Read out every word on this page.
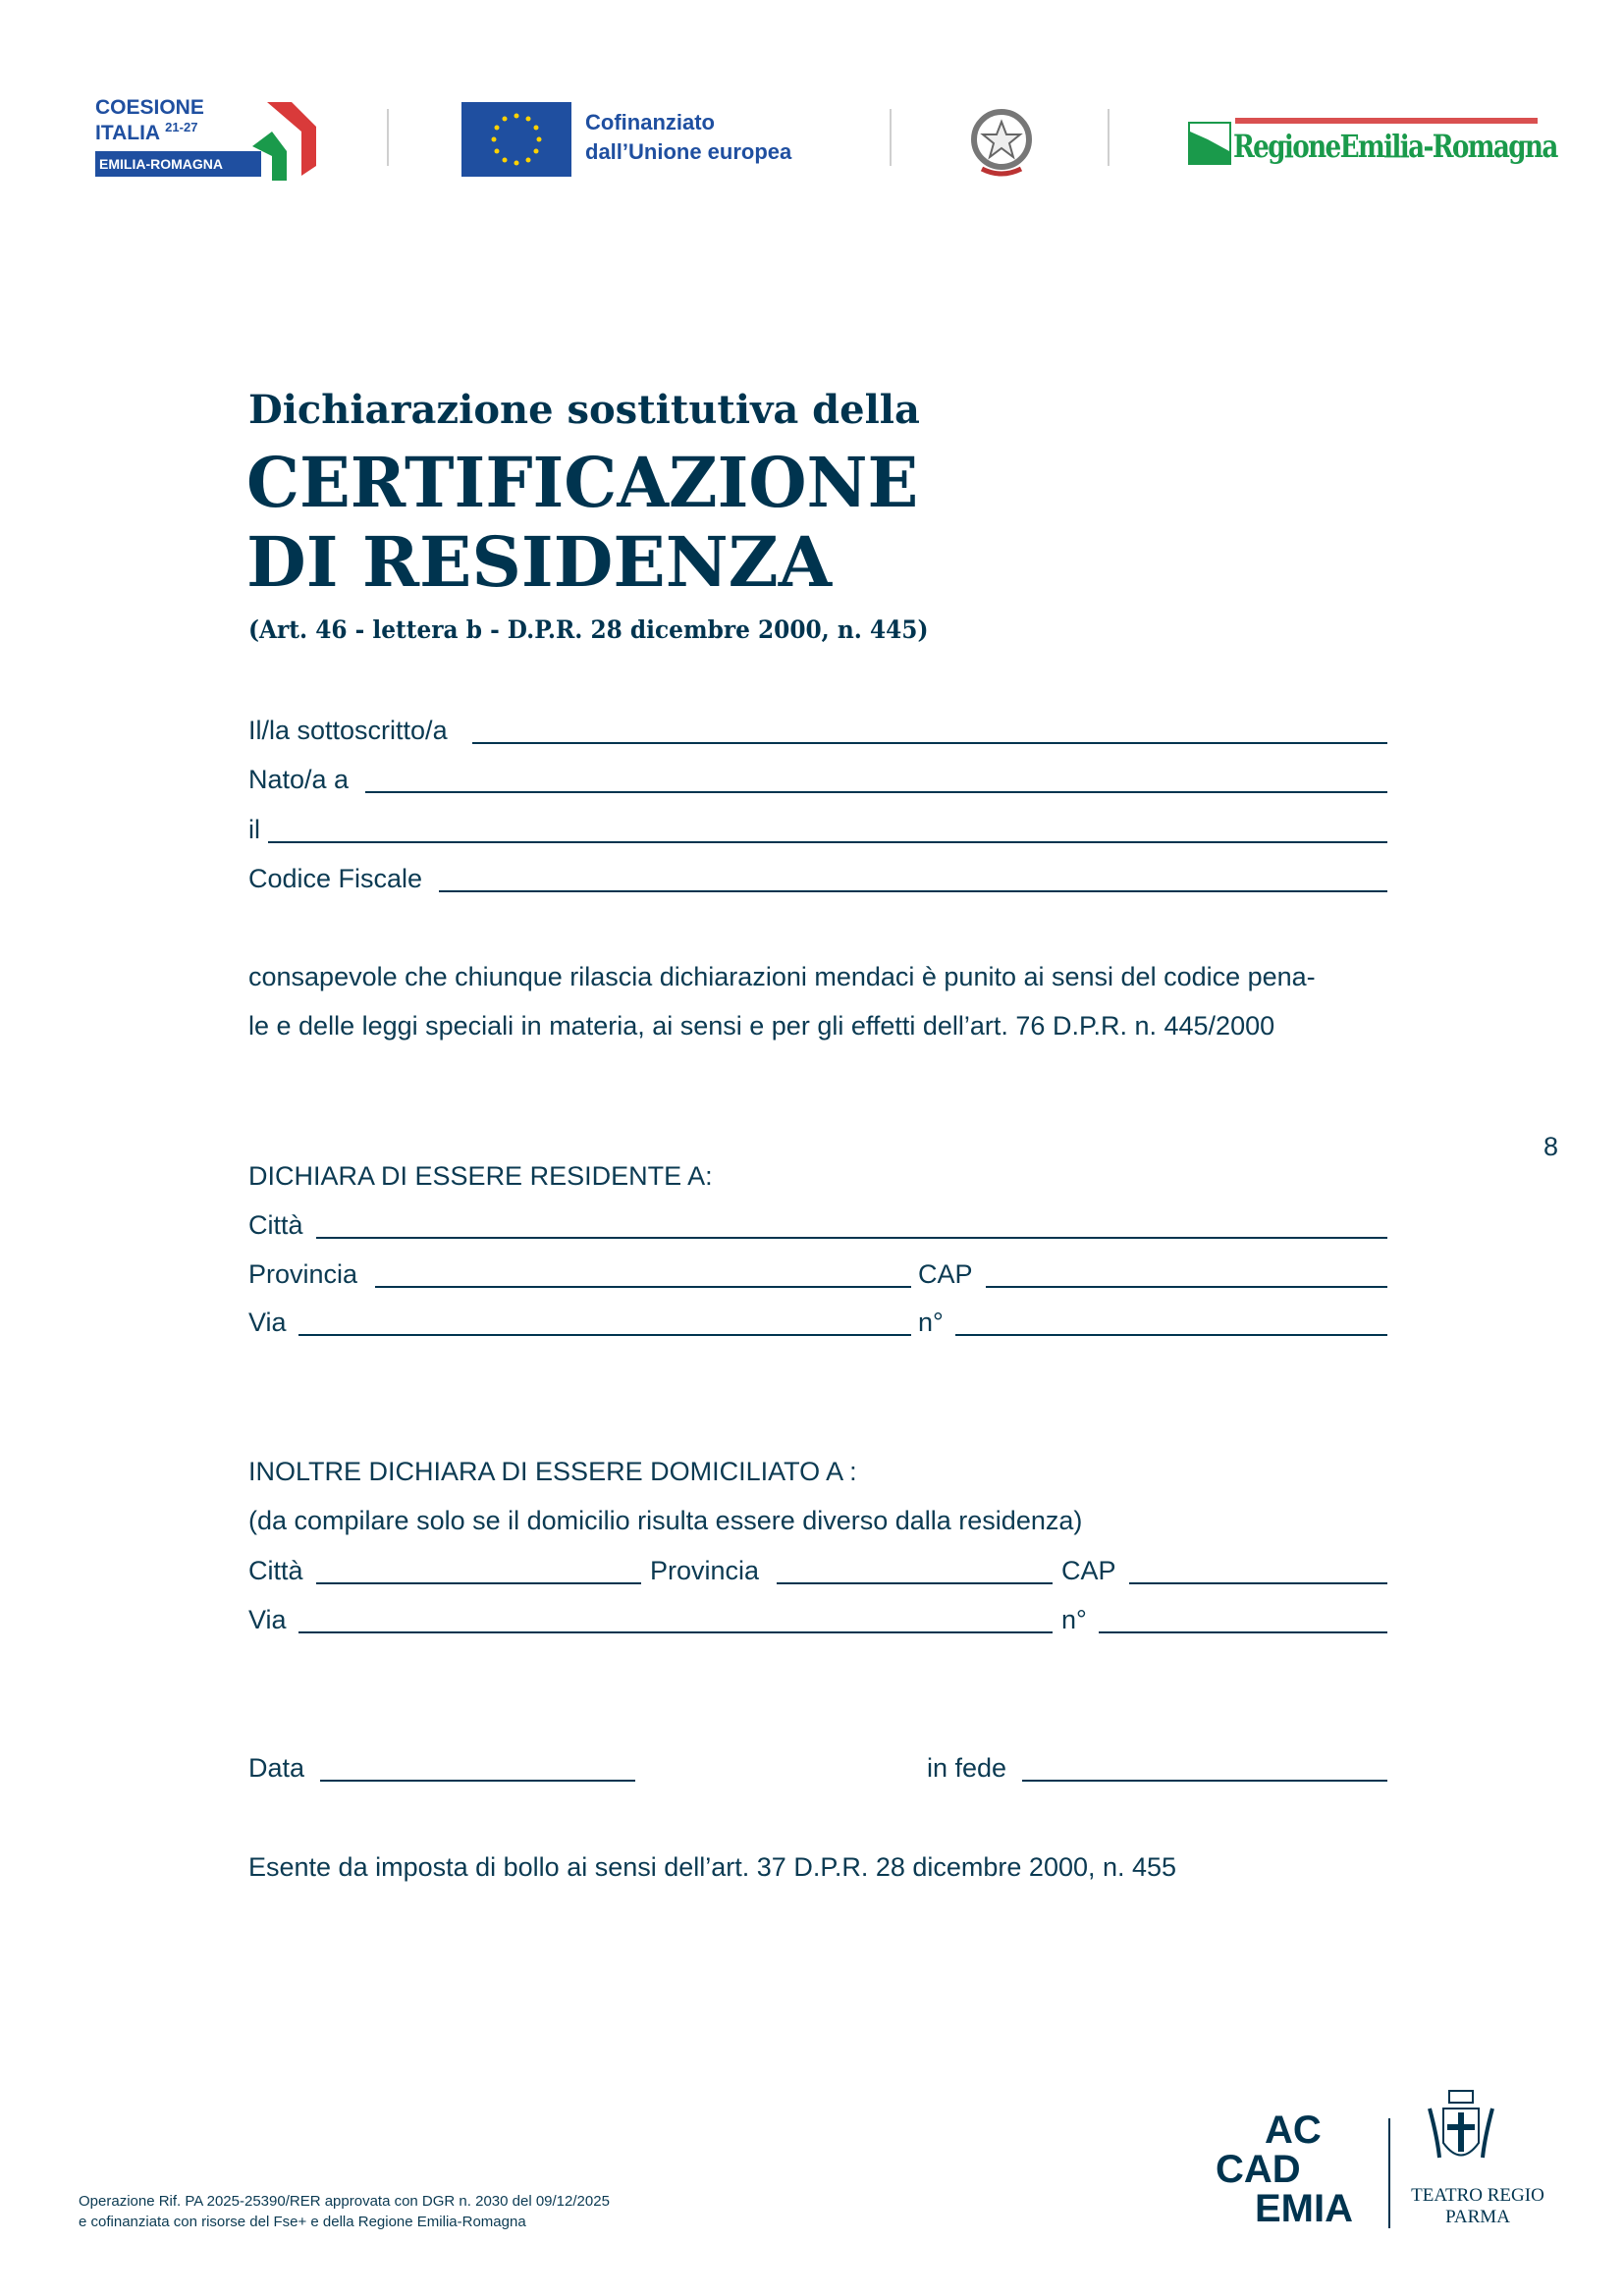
COESIONE
ITALIA $^{21-27}$
EMILIA-ROMAGNA
Cofinanziato
dall’Unione europea	RegioneEmilia-Romagna
Dichiarazione sostitutiva della
CERTIFICAZIONE
DI RESIDENZA
(Art. 46 - lettera b - D.P.R. 28 dicembre 2000, n. 445)
Il/la sottoscritto/a
Nato/a a
il
Codice Fiscale
consapevole che chiunque rilascia dichiarazioni mendaci è punito ai sensi del codice pena-
le e delle leggi speciali in materia, ai sensi e per gli effetti dell’art. 76 D.P.R. n. 445/2000
8
DICHIARA DI ESSERE RESIDENTE A:
Città
Provincia	CAP
Via	n°
INOLTRE DICHIARA DI ESSERE DOMICILIATO A :
(da compilare solo se il domicilio risulta essere diverso dalla residenza)
Città	Provincia	CAP
Via	n°
Data	in fede
Esente da imposta di bollo ai sensi dell’art. 37 D.P.R. 28 dicembre 2000, n. 455
Operazione Rif. PA 2025-25390/RER approvata con DGR n. 2030 del 09/12/2025
e cofinanziata con risorse del Fse+ e della Regione Emilia-Romagna
AC
CAD
EMIA	TEATRO REGIO
PARMA
